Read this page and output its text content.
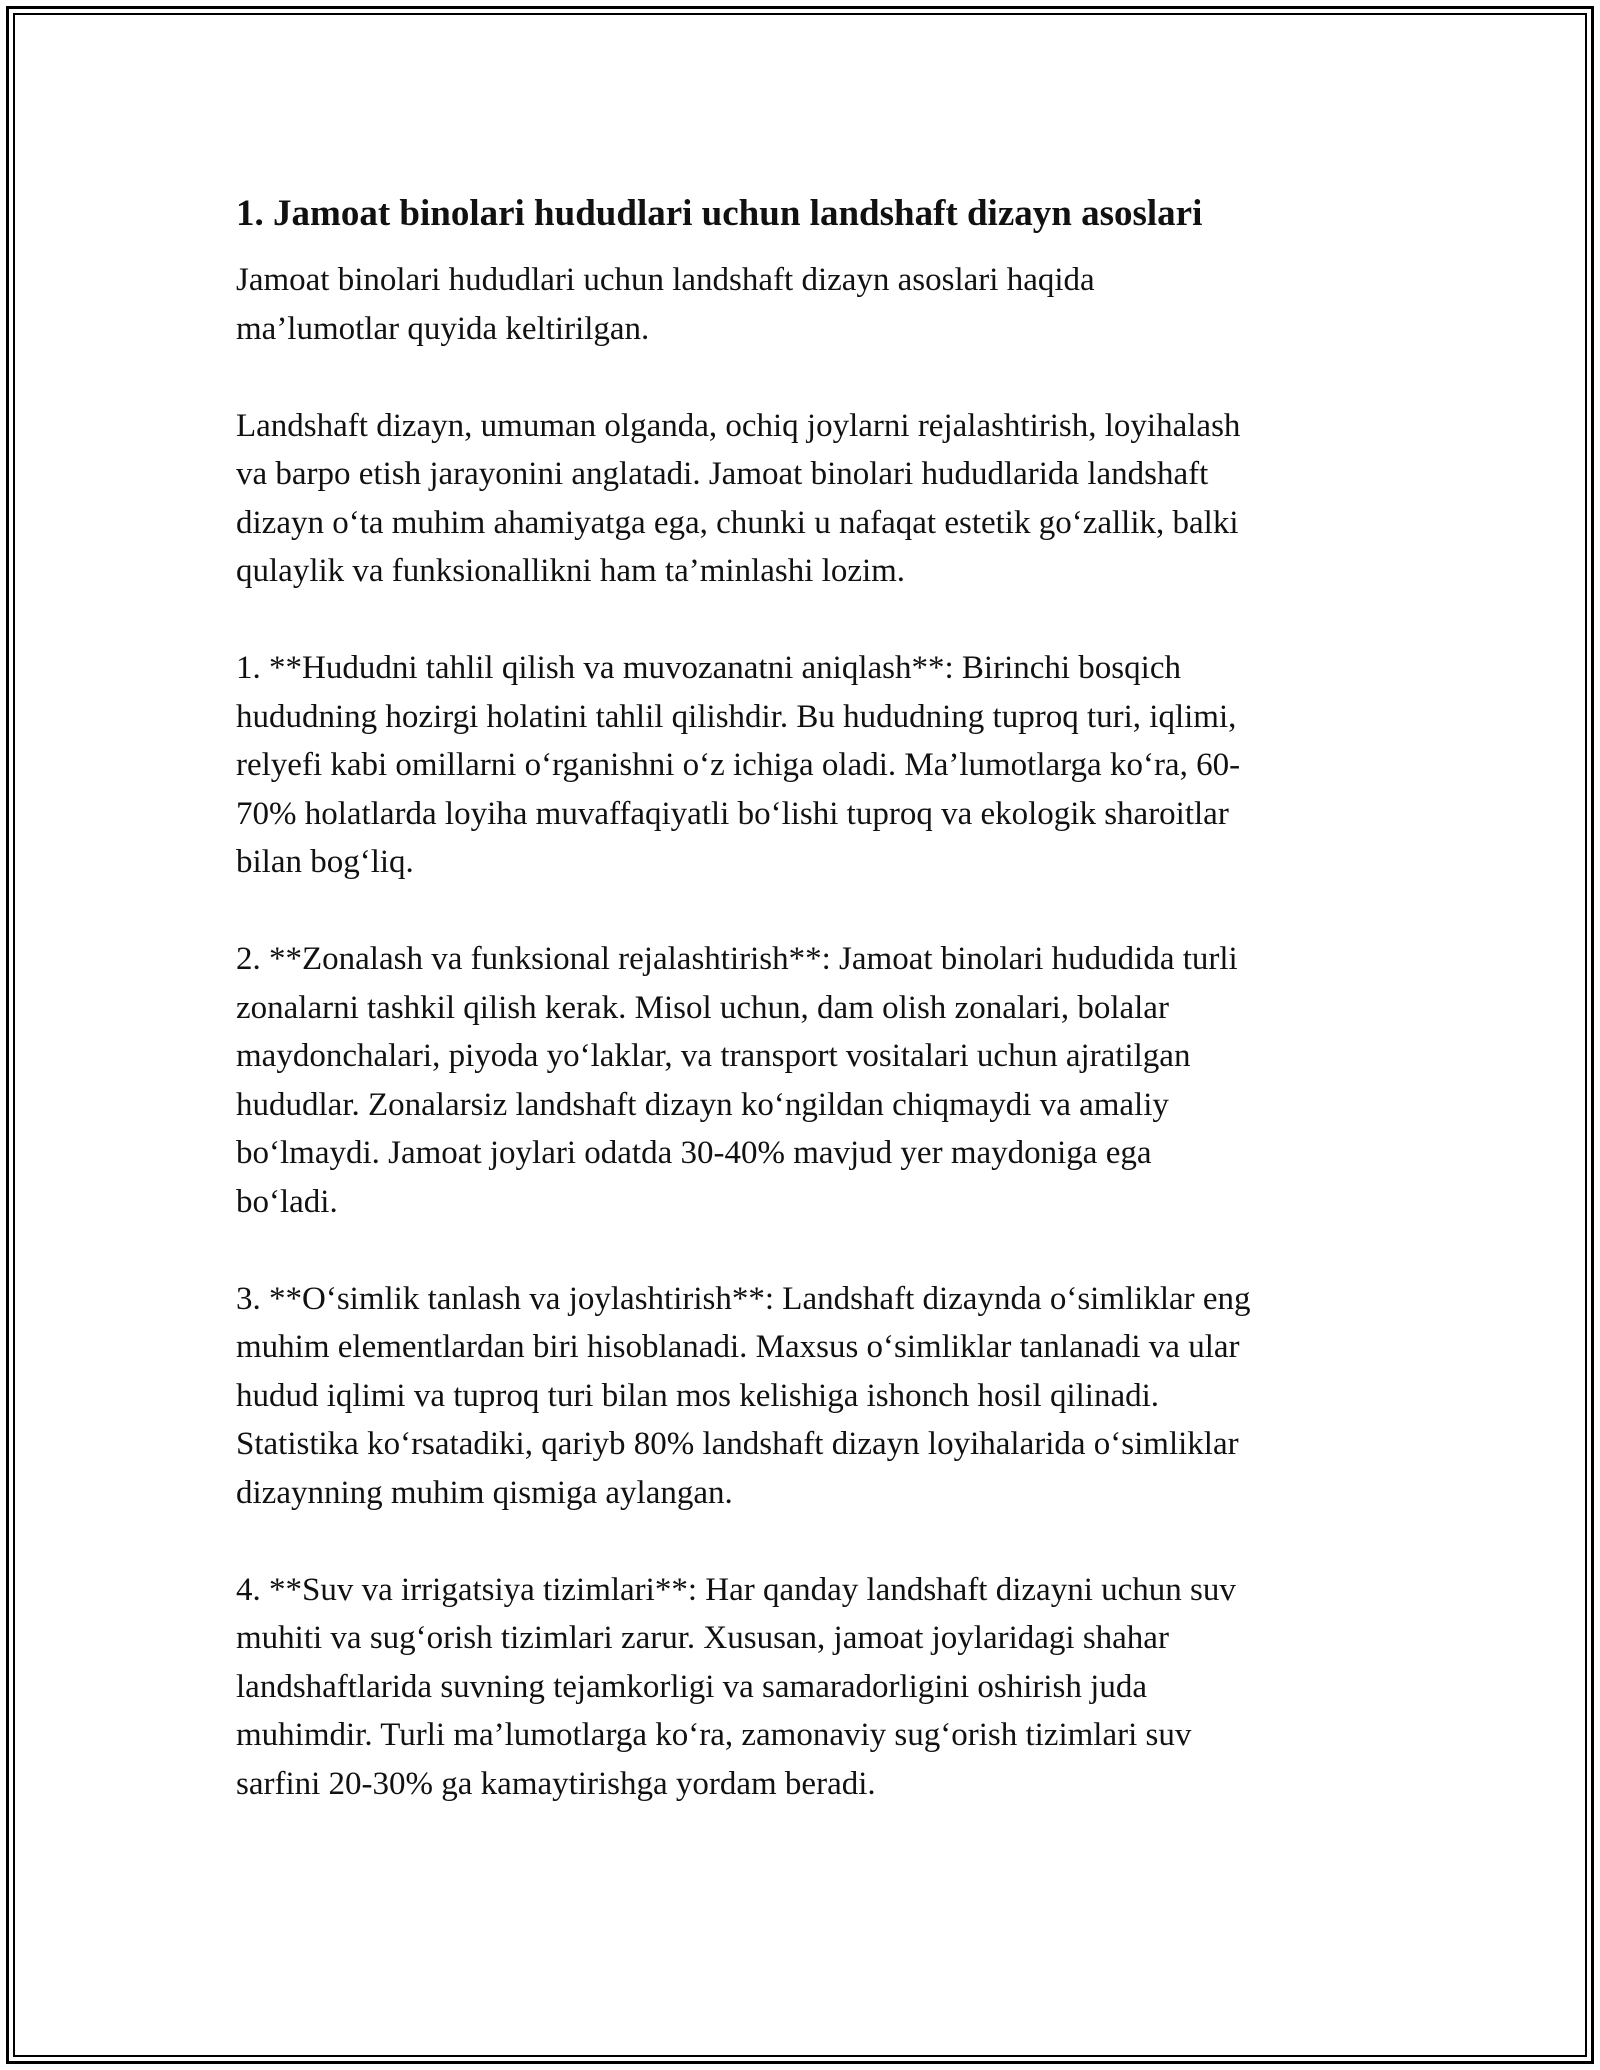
1. Jamoat binolari hududlari uchun landshaft dizayn asoslari
Jamoat binolari hududlari uchun landshaft dizayn asoslari haqida
ma’lumotlar quyida keltirilgan.
Landshaft dizayn, umuman olganda, ochiq joylarni rejalashtirish, loyihalash
va barpo etish jarayonini anglatadi. Jamoat binolari hududlarida landshaft
dizayn o‘ta muhim ahamiyatga ega, chunki u nafaqat estetik go‘zallik, balki
qulaylik va funksionallikni ham ta’minlashi lozim.
1. **Hududni tahlil qilish va muvozanatni aniqlash**: Birinchi bosqich
hududning hozirgi holatini tahlil qilishdir. Bu hududning tuproq turi, iqlimi,
relyefi kabi omillarni o‘rganishni o‘z ichiga oladi. Ma’lumotlarga ko‘ra, 60-
70% holatlarda loyiha muvaffaqiyatli bo‘lishi tuproq va ekologik sharoitlar
bilan bog‘liq.
2. **Zonalash va funksional rejalashtirish**: Jamoat binolari hududida turli
zonalarni tashkil qilish kerak. Misol uchun, dam olish zonalari, bolalar
maydonchalari, piyoda yo‘laklar, va transport vositalari uchun ajratilgan
hududlar. Zonalarsiz landshaft dizayn ko‘ngildan chiqmaydi va amaliy
bo‘lmaydi. Jamoat joylari odatda 30-40% mavjud yer maydoniga ega
bo‘ladi.
3. **O‘simlik tanlash va joylashtirish**: Landshaft dizaynda o‘simliklar eng
muhim elementlardan biri hisoblanadi. Maxsus o‘simliklar tanlanadi va ular
hudud iqlimi va tuproq turi bilan mos kelishiga ishonch hosil qilinadi.
Statistika ko‘rsatadiki, qariyb 80% landshaft dizayn loyihalarida o‘simliklar
dizaynning muhim qismiga aylangan.
4. **Suv va irrigatsiya tizimlari**: Har qanday landshaft dizayni uchun suv
muhiti va sug‘orish tizimlari zarur. Xususan, jamoat joylaridagi shahar
landshaftlarida suvning tejamkorligi va samaradorligini oshirish juda
muhimdir. Turli ma’lumotlarga ko‘ra, zamonaviy sug‘orish tizimlari suv
sarfini 20-30% ga kamaytirishga yordam beradi.
